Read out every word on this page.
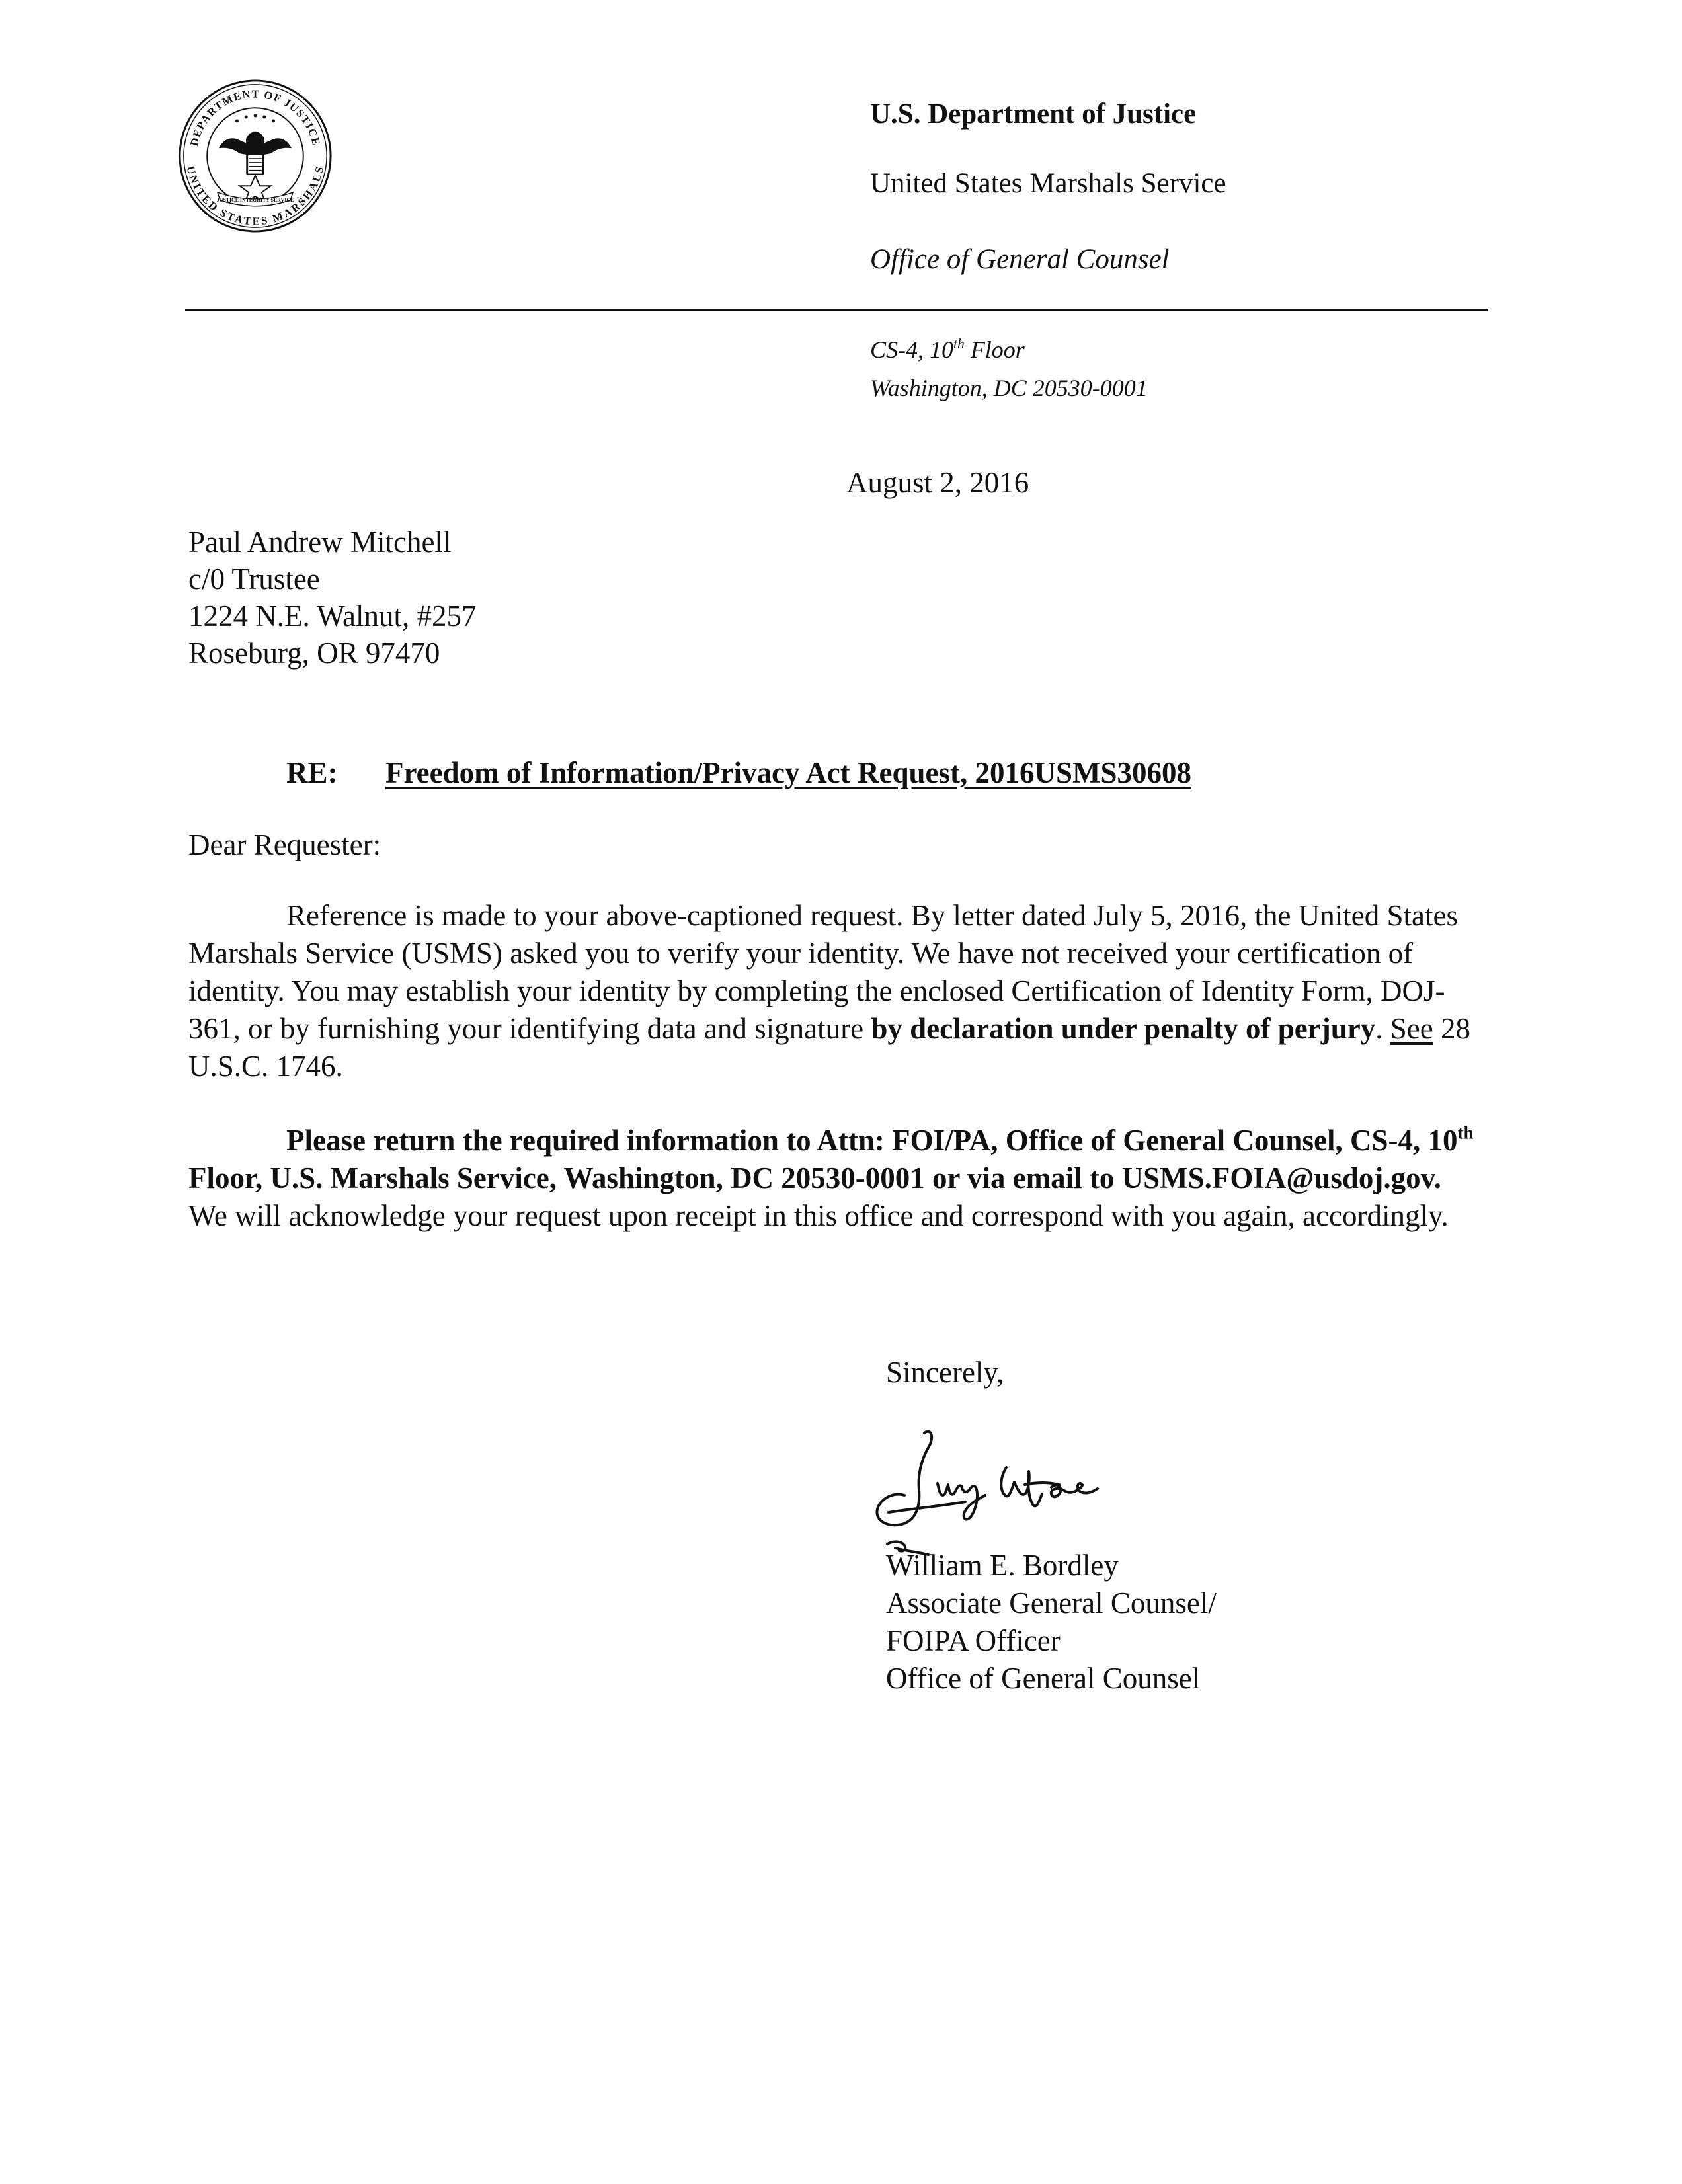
DEPARTMENT OF JUSTICE
UNITED STATES MARSHALS
JUSTICE INTEGRITY SERVICE
U.S. Department of Justice
United States Marshals Service
Office of General Counsel
CS-4, 10th Floor
Washington, DC 20530-0001
August 2, 2016
Paul Andrew Mitchell
c/0 Trustee
1224 N.E. Walnut, #257
Roseburg, OR 97470
RE: Freedom of Information/Privacy Act Request, 2016USMS30608
Dear Requester:
Reference is made to your above-captioned request. By letter dated July 5, 2016, the United States Marshals Service (USMS) asked you to verify your identity. We have not received your certification of identity. You may establish your identity by completing the enclosed Certification of Identity Form, DOJ-361, or by furnishing your identifying data and signature by declaration under penalty of perjury. See 28 U.S.C. 1746.
Please return the required information to Attn: FOI/PA, Office of General Counsel, CS-4, 10th Floor, U.S. Marshals Service, Washington, DC 20530-0001 or via email to USMS.FOIA@usdoj.gov. We will acknowledge your request upon receipt in this office and correspond with you again, accordingly.
Sincerely,
William E. Bordley
Associate General Counsel/
FOIPA Officer
Office of General Counsel
